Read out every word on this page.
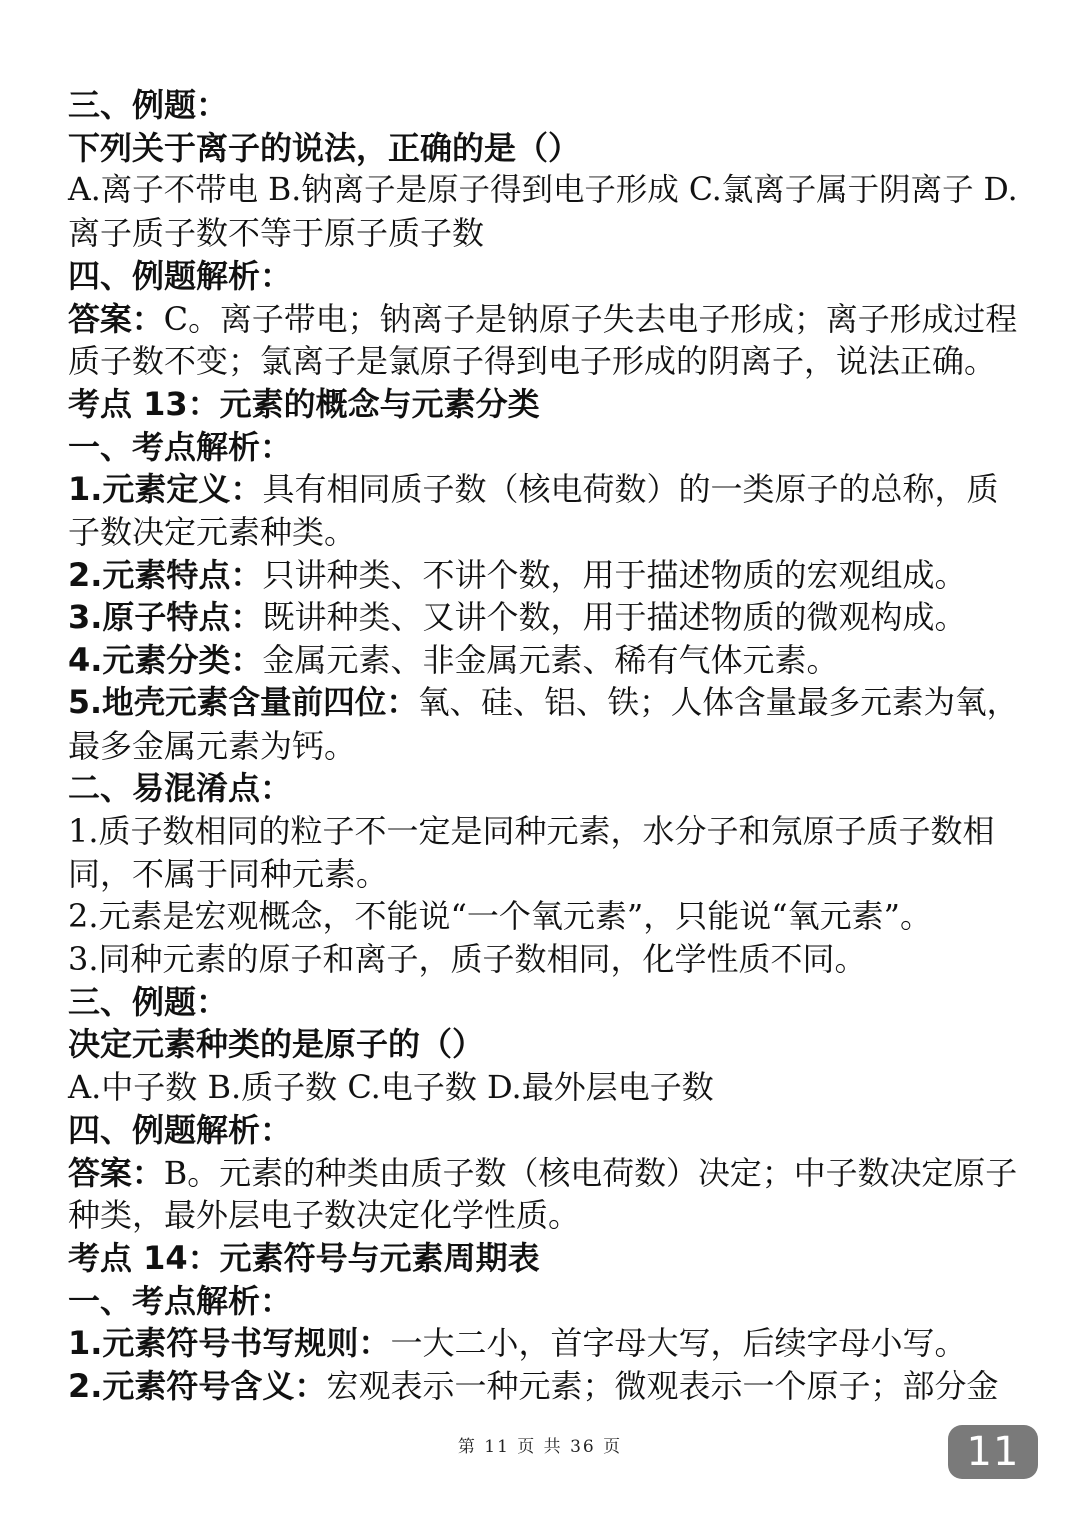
三、例题：
下列关于离子的说法，正确的是（）
A.离子不带电 B.钠离子是原子得到电子形成 C.氯离子属于阴离子 D.
离子质子数不等于原子质子数
四、例题解析：
答案：C。离子带电；钠离子是钠原子失去电子形成；离子形成过程
质子数不变；氯离子是氯原子得到电子形成的阴离子，说法正确。
考点 13：元素的概念与元素分类
一、考点解析：
1.元素定义：具有相同质子数（核电荷数）的一类原子的总称，质
子数决定元素种类。
2.元素特点：只讲种类、不讲个数，用于描述物质的宏观组成。
3.原子特点：既讲种类、又讲个数，用于描述物质的微观构成。
4.元素分类：金属元素、非金属元素、稀有气体元素。
5.地壳元素含量前四位：氧、硅、铝、铁；人体含量最多元素为氧，
最多金属元素为钙。
二、易混淆点：
1.质子数相同的粒子不一定是同种元素，水分子和氖原子质子数相
同，不属于同种元素。
2.元素是宏观概念，不能说“一个氧元素”，只能说“氧元素”。
3.同种元素的原子和离子，质子数相同，化学性质不同。
三、例题：
决定元素种类的是原子的（）
A.中子数 B.质子数 C.电子数 D.最外层电子数
四、例题解析：
答案：B。元素的种类由质子数（核电荷数）决定；中子数决定原子
种类，最外层电子数决定化学性质。
考点 14：元素符号与元素周期表
一、考点解析：
1.元素符号书写规则：一大二小，首字母大写，后续字母小写。
2.元素符号含义：宏观表示一种元素；微观表示一个原子；部分金
第 11 页 共 36 页	11
